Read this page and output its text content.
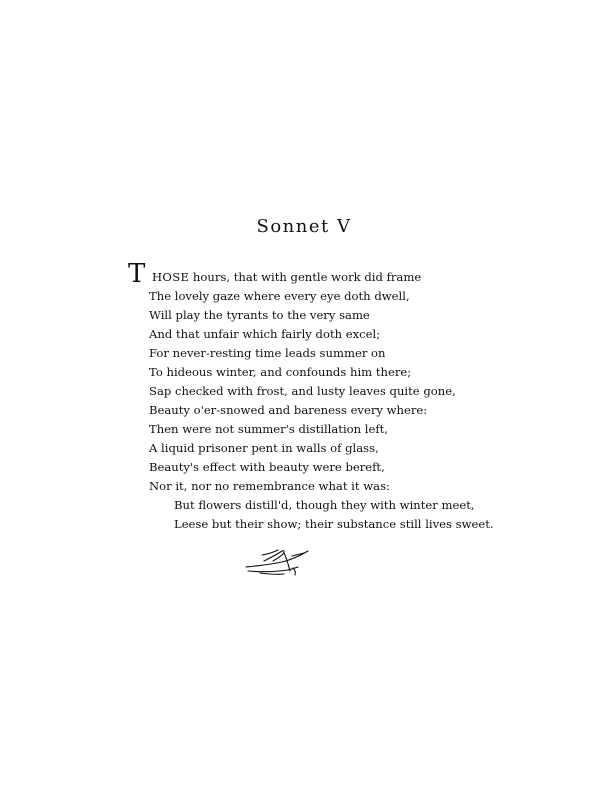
Sonnet V
T HOSE hours, that with gentle work did frame
The lovely gaze where every eye doth dwell,
Will play the tyrants to the very same
And that unfair which fairly doth excel;
For never-resting time leads summer on
To hideous winter, and confounds him there;
Sap checked with frost, and lusty leaves quite gone,
Beauty o'er-snowed and bareness every where:
Then were not summer's distillation left,
A liquid prisoner pent in walls of glass,
Beauty's effect with beauty were bereft,
Nor it, nor no remembrance what it was:
But flowers distill'd, though they with winter meet,
Leese but their show; their substance still lives sweet.
